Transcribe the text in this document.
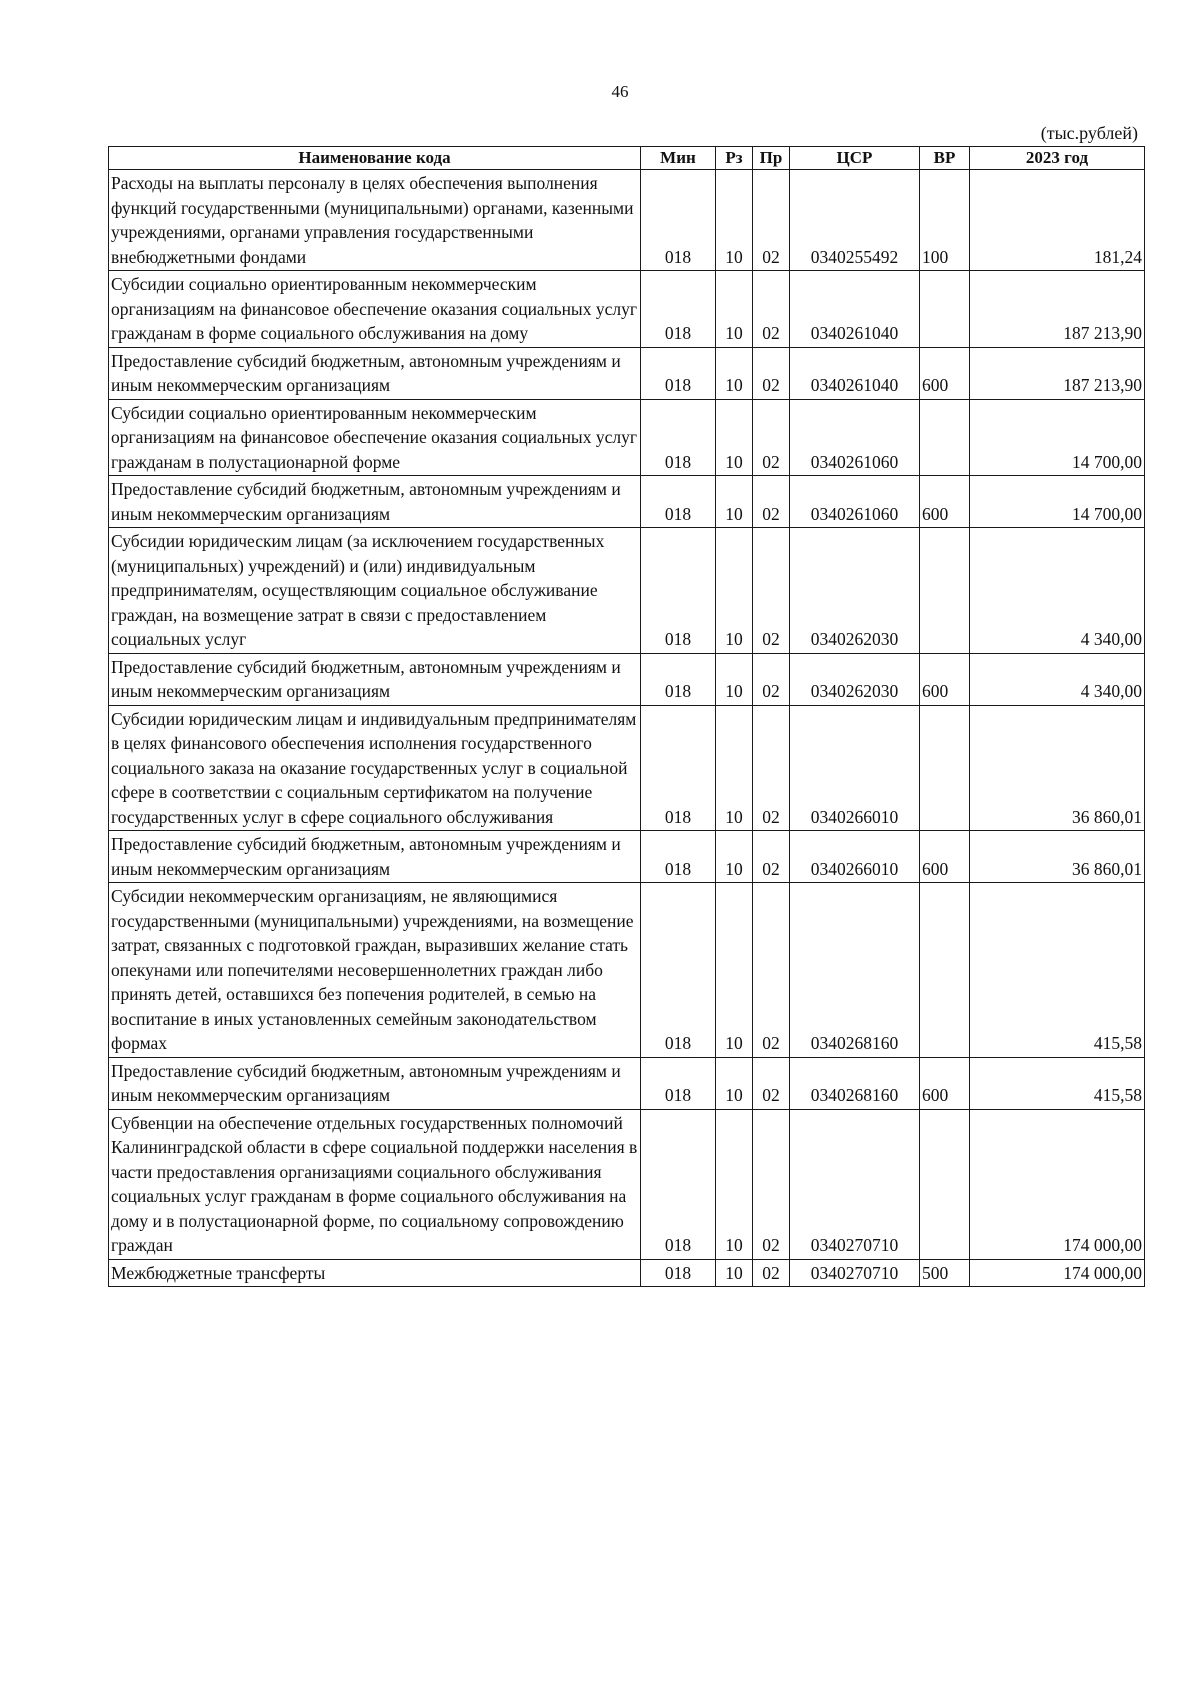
46
(тыс.рублей)
Наименование кода	Мин	Рз	Пр	ЦСР	ВР	2023 год
Расходы на выплаты персоналу в целях обеспечения выполнения функций государственными (муниципальными) органами, казенными учреждениями, органами управления государственными внебюджетными фондами	018	10	02	0340255492	100	181,24
Субсидии социально ориентированным некоммерческим организациям на финансовое обеспечение оказания социальных услуг гражданам в форме социального обслуживания на дому	018	10	02	0340261040		187 213,90
Предоставление субсидий бюджетным, автономным учреждениям и иным некоммерческим организациям	018	10	02	0340261040	600	187 213,90
Субсидии социально ориентированным некоммерческим организациям на финансовое обеспечение оказания социальных услуг гражданам в полустационарной форме	018	10	02	0340261060		14 700,00
Предоставление субсидий бюджетным, автономным учреждениям и иным некоммерческим организациям	018	10	02	0340261060	600	14 700,00
Субсидии юридическим лицам (за исключением государственных (муниципальных) учреждений) и (или) индивидуальным предпринимателям, осуществляющим социальное обслуживание граждан, на возмещение затрат в связи с предоставлением социальных услуг	018	10	02	0340262030		4 340,00
Предоставление субсидий бюджетным, автономным учреждениям и иным некоммерческим организациям	018	10	02	0340262030	600	4 340,00
Субсидии юридическим лицам и индивидуальным предпринимателям в целях финансового обеспечения исполнения государственного социального заказа на оказание государственных услуг в социальной сфере в соответствии с социальным сертификатом на получение государственных услуг в сфере социального обслуживания	018	10	02	0340266010		36 860,01
Предоставление субсидий бюджетным, автономным учреждениям и иным некоммерческим организациям	018	10	02	0340266010	600	36 860,01
Субсидии некоммерческим организациям, не являющимися государственными (муниципальными) учреждениями, на возмещение затрат, связанных с подготовкой граждан, выразивших желание стать опекунами или попечителями несовершеннолетних граждан либо принять детей, оставшихся без попечения родителей, в семью на воспитание в иных установленных семейным законодательством формах	018	10	02	0340268160		415,58
Предоставление субсидий бюджетным, автономным учреждениям и иным некоммерческим организациям	018	10	02	0340268160	600	415,58
Субвенции на обеспечение отдельных государственных полномочий Калининградской области в сфере социальной поддержки населения в части предоставления организациями социального обслуживания социальных услуг гражданам в форме социального обслуживания на дому и в полустационарной форме, по социальному сопровождению граждан	018	10	02	0340270710		174 000,00
Межбюджетные трансферты	018	10	02	0340270710	500	174 000,00
